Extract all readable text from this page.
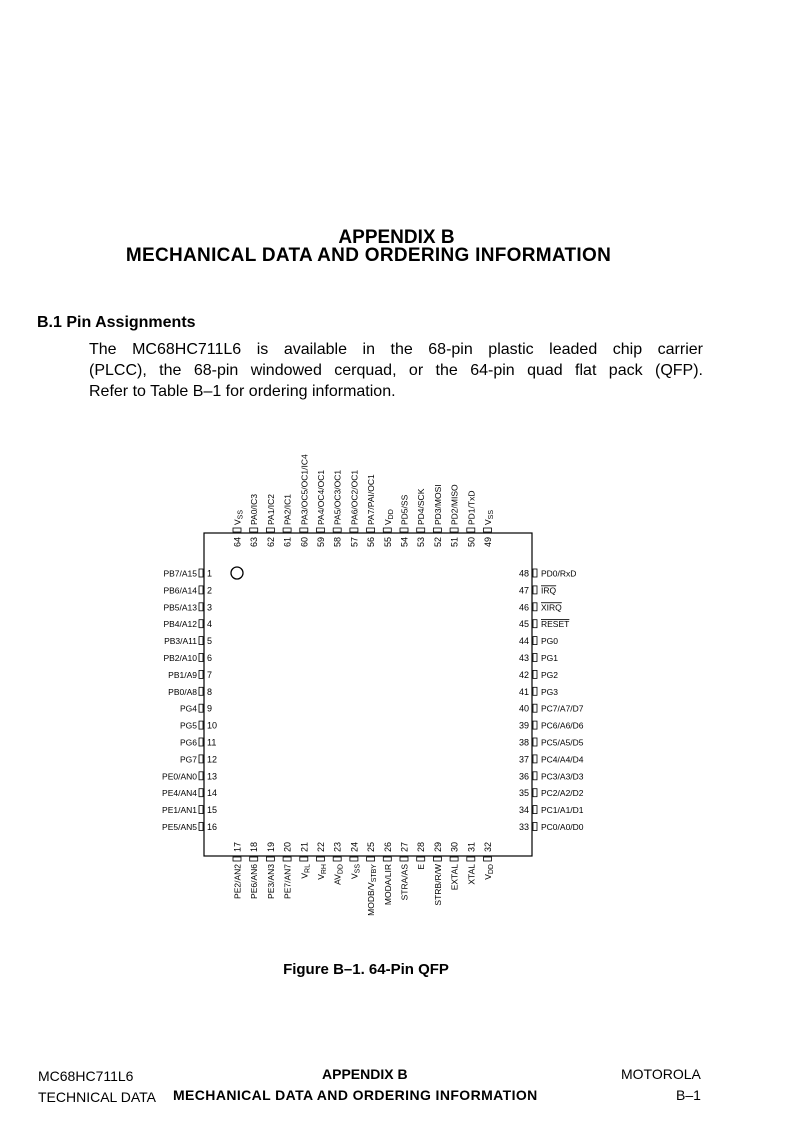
APPENDIX B
MECHANICAL DATA AND ORDERING INFORMATION
B.1 Pin Assignments
The MC68HC711L6 is available in the 68-pin plastic leaded chip carrier
(PLCC), the 68-pin windowed cerquad, or the 64-pin quad flat pack (QFP).
Refer to Table B–1 for ordering information.
1
PB7/A15
2
PB6/A14
3
PB5/A13
4
PB4/A12
5
PB3/A11
6
PB2/A10
7
PB1/A9
8
PB0/A8
9
PG4
10
PG5
11
PG6
12
PG7
13
PE0/AN0
14
PE4/AN4
15
PE1/AN1
16
PE5/AN5
48 PD0/RxD
47 IRQ
46 XIRQ
45 RESET
44 PG0
43 PG1
42 PG2
41 PG3
40 PC7/A7/D7
39 PC6/A6/D6
38 PC5/A5/D5
37 PC4/A4/D4
36 PC3/A3/D3
35 PC2/A2/D2
34 PC1/A1/D1
33 PC0/A0/D0
64
$V_{SS}$
63
PA0/IC3
62
PA1/IC2
61
PA2/IC1
60
PA3/OC5/OC1/IC4
59
PA4/OC4/OC1
58
PA5/OC3/OC1
57
PA6/OC2/OC1
56
PA7/PAI/OC1
55
$V_{DD}$
54
PD5/SS
53
PD4/SCK
52
PD3/MOSI
51
PD2/MISO
50
PD1/TxD
49
$V_{SS}$
17
PE2/AN2
18
PE6/AN6
19
PE3/AN3
20
PE7/AN7
21
$V_{RL}$
22
$V_{RH}$
23
$AV_{DD}$
24
$V_{SS}$
25
MODB/$V_{STBY}$
26
MODA/LIR
27
STRA/AS
28
E
29
STRB/R/W
30
EXTAL
31
XTAL
32
$V_{DD}$
Figure B–1. 64-Pin QFP
MC68HC711L6
TECHNICAL DATA
APPENDIX B
MECHANICAL DATA AND ORDERING INFORMATION
MOTOROLA
B–1
